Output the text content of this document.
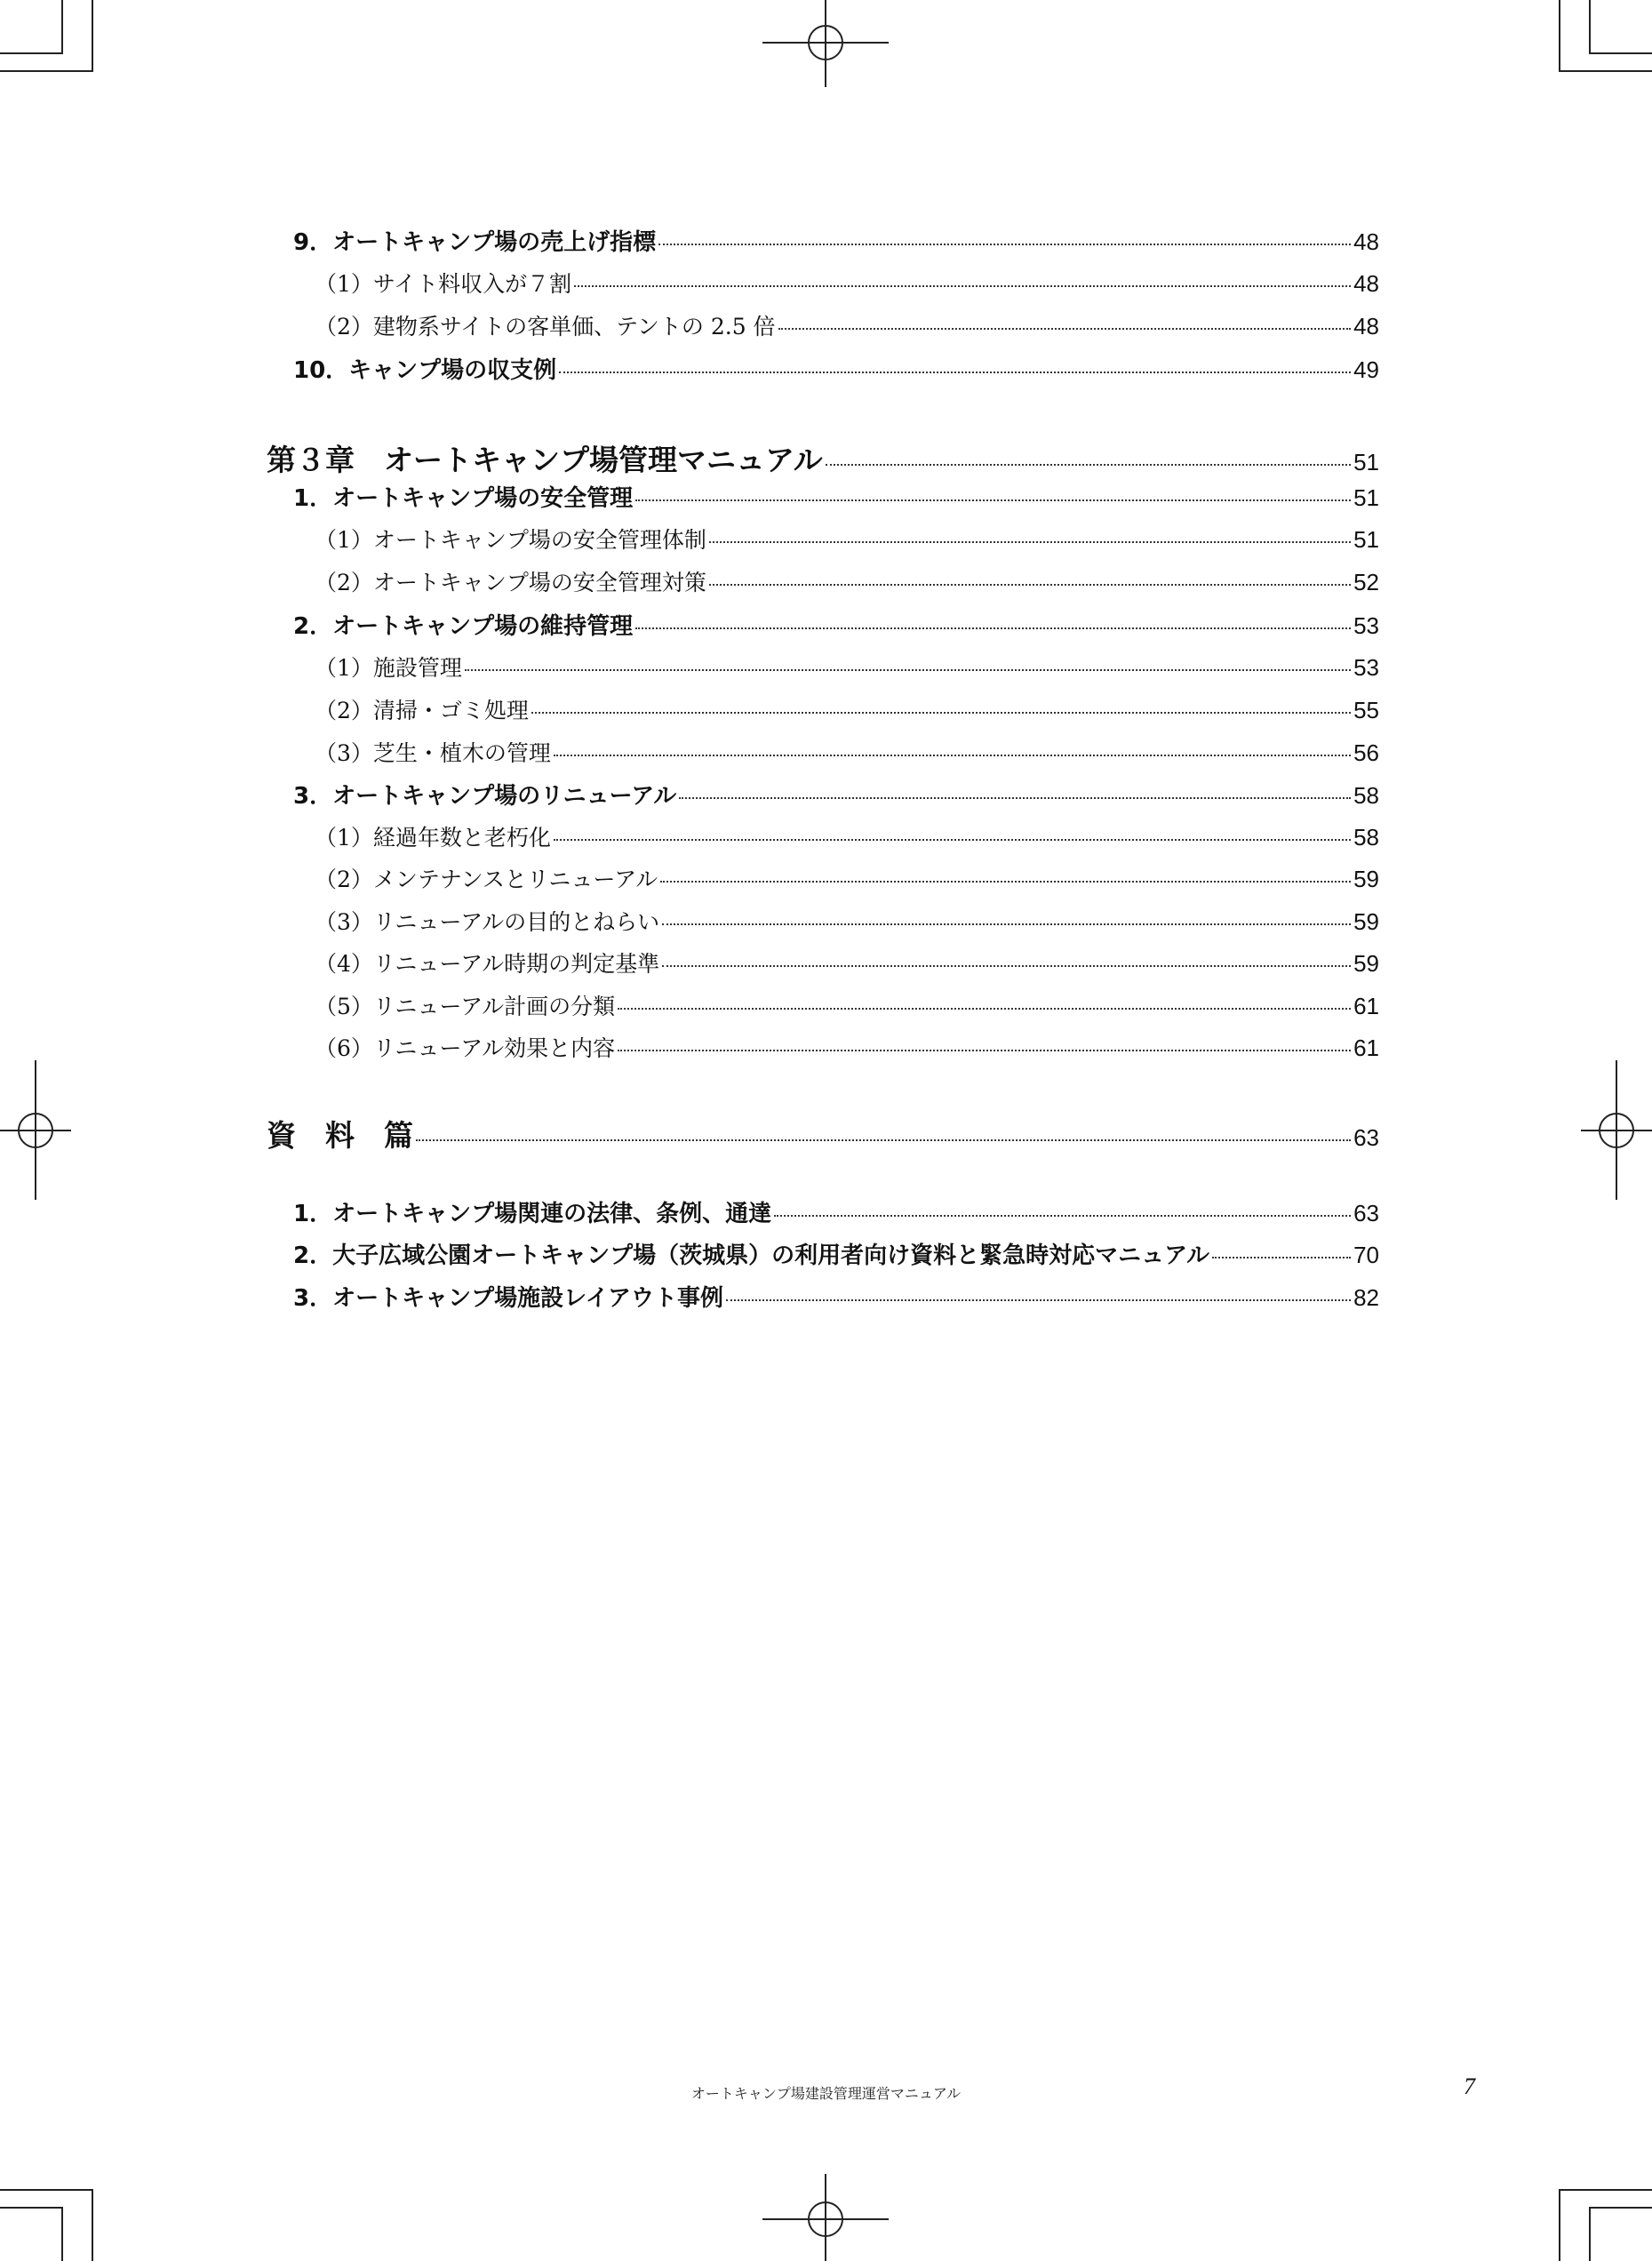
9．オートキャンプ場の売上げ指標	48
（1）サイト料収入が７割	48
（2）建物系サイトの客単価、テントの 2.5 倍	48
10．キャンプ場の収支例	49
第３章　オートキャンプ場管理マニュアル	51
1．オートキャンプ場の安全管理	51
（1）オートキャンプ場の安全管理体制	51
（2）オートキャンプ場の安全管理対策	52
2．オートキャンプ場の維持管理	53
（1）施設管理	53
（2）清掃・ゴミ処理	55
（3）芝生・植木の管理	56
3．オートキャンプ場のリニューアル	58
（1）経過年数と老朽化	58
（2）メンテナンスとリニューアル	59
（3）リニューアルの目的とねらい	59
（4）リニューアル時期の判定基準	59
（5）リニューアル計画の分類	61
（6）リニューアル効果と内容	61
資　料　篇	63
1．オートキャンプ場関連の法律、条例、通達	63
2．大子広域公園オートキャンプ場（茨城県）の利用者向け資料と緊急時対応マニュアル	70
3．オートキャンプ場施設レイアウト事例	82
オートキャンプ場建設管理運営マニュアル	7
